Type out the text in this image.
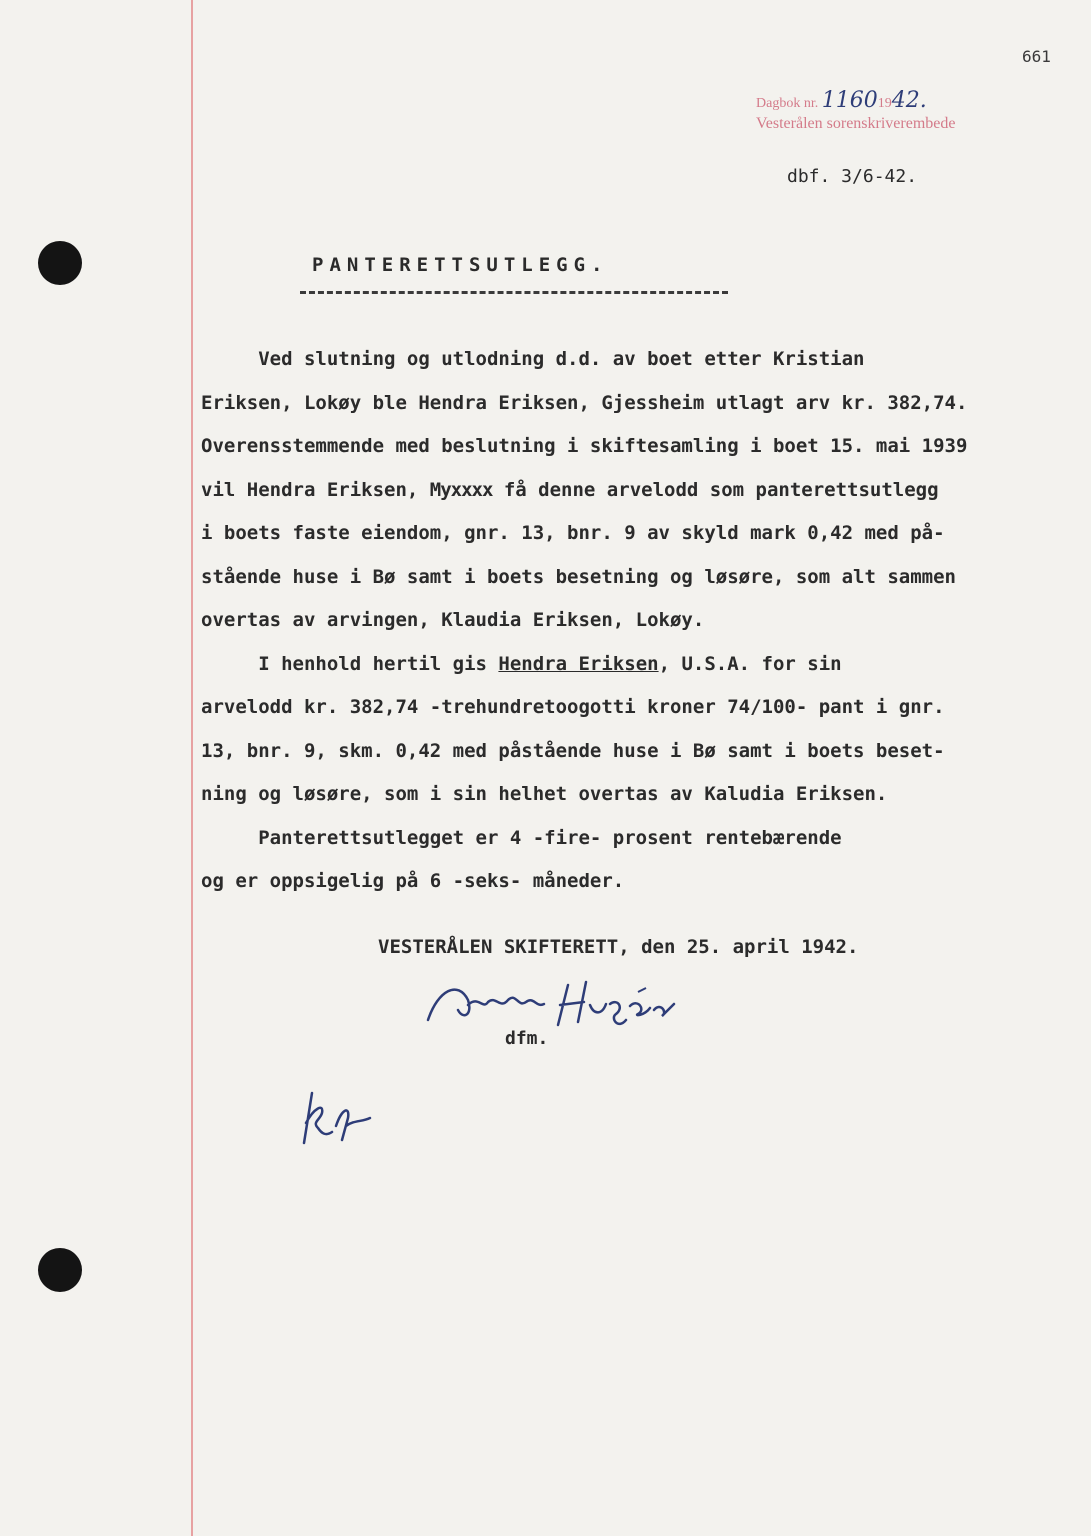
661
Dagbok nr. 11601942.
Vesterålen sorenskriverembede
dbf. 3/6-42.
PANTERETTSUTLEGG.
Ved slutning og utlodning d.d. av boet etter Kristian
Eriksen, Lokøy ble Hendra Eriksen, Gjessheim utlagt arv kr. 382,74.
Overensstemmende med beslutning i skiftesamling i boet 15. mai 1939
vil Hendra Eriksen, Myxxxx få denne arvelodd som panterettsutlegg
i boets faste eiendom, gnr. 13, bnr. 9 av skyld mark 0,42 med på-
stående huse i Bø samt i boets besetning og løsøre, som alt sammen
overtas av arvingen, Klaudia Eriksen, Lokøy.
I henhold hertil gis Hendra Eriksen, U.S.A. for sin
arvelodd kr. 382,74 -trehundretoogotti kroner 74/100- pant i gnr.
13, bnr. 9, skm. 0,42 med påstående huse i Bø samt i boets beset-
ning og løsøre, som i sin helhet overtas av Kaludia Eriksen.
Panterettsutlegget er 4 -fire- prosent rentebærende
og er oppsigelig på 6 -seks- måneder.
VESTERÅLEN SKIFTERETT, den 25. april 1942.
dfm.
